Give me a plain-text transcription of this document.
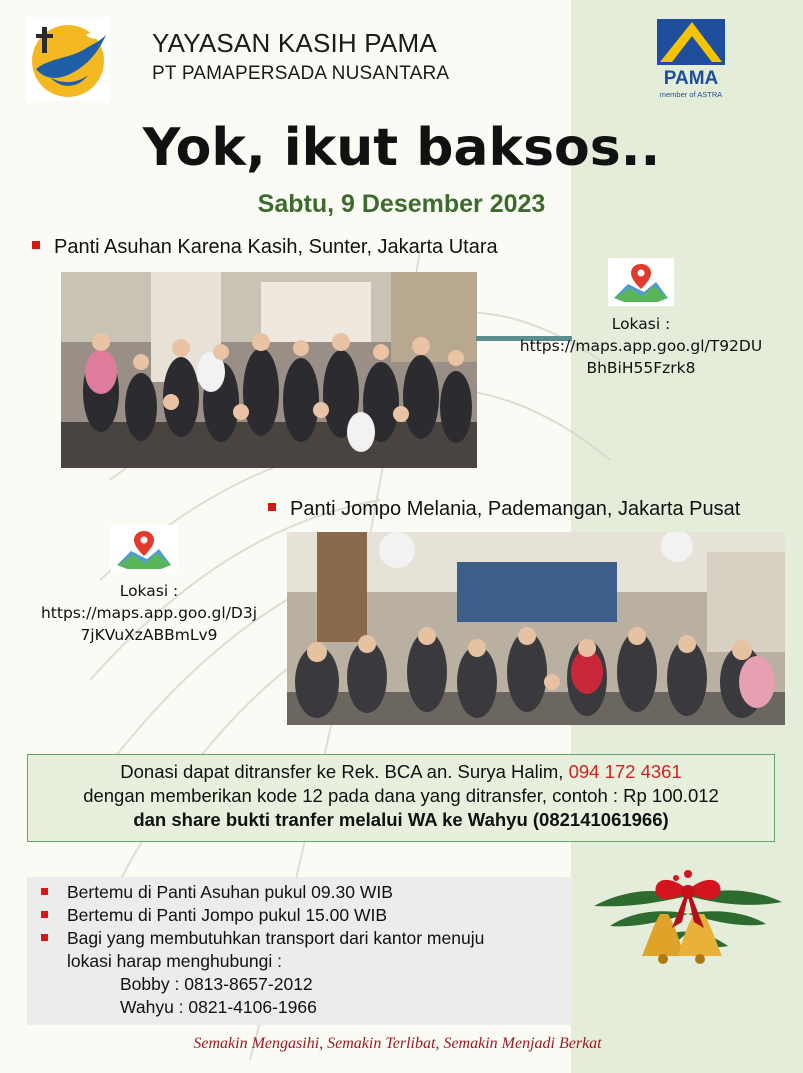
YAYASAN KASIH PAMA
PT PAMAPERSADA NUSANTARA	PAMA
member of ASTRA
Yok, ikut baksos..
Sabtu, 9 Desember 2023
Panti Asuhan Karena Kasih, Sunter, Jakarta Utara
Lokasi :
https://maps.app.goo.gl/T92DU
BhBiH55Fzrk8
Panti Jompo Melania, Pademangan, Jakarta Pusat
Lokasi :
https://maps.app.goo.gl/D3j
7jKVuXzABBmLv9
Donasi dapat ditransfer ke Rek. BCA an. Surya Halim, 094 172 4361
dengan memberikan kode 12 pada dana yang ditransfer, contoh : Rp 100.012
dan share bukti tranfer melalui WA ke Wahyu (082141061966)
Bertemu di Panti Asuhan pukul 09.30 WIB
Bertemu di Panti Jompo pukul 15.00 WIB
Bagi yang membutuhkan transport dari kantor menuju
lokasi harap menghubungi :
Bobby : 0813-8657-2012
Wahyu : 0821-4106-1966
Semakin Mengasihi, Semakin Terlibat, Semakin Menjadi Berkat
